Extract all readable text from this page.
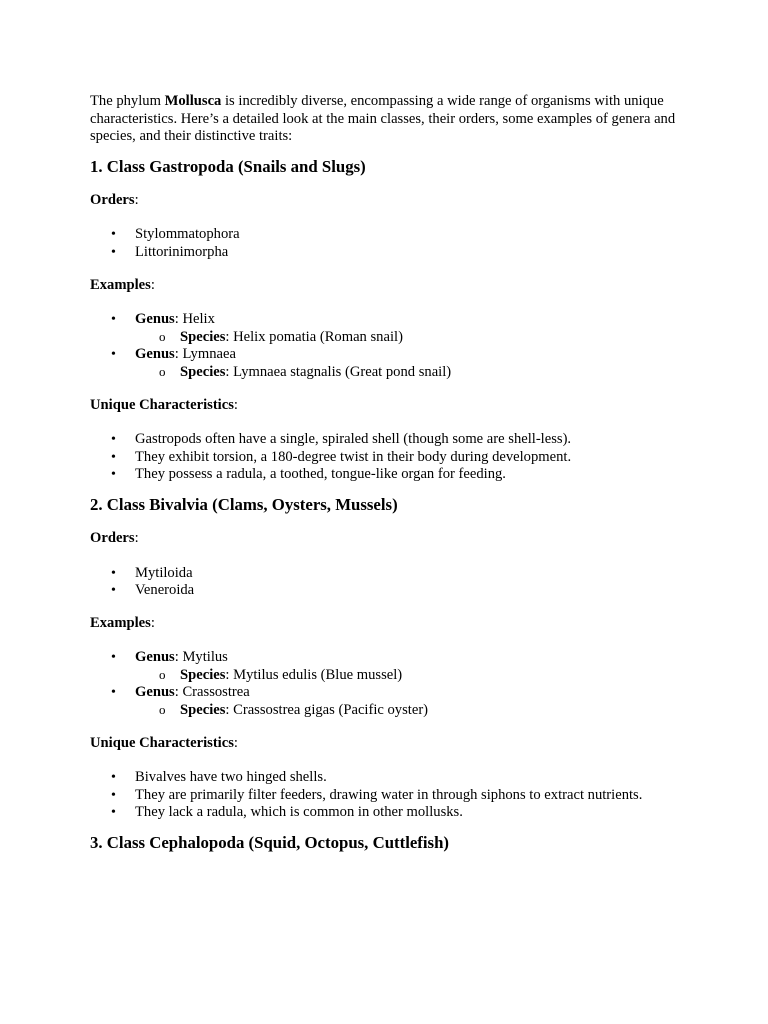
The phylum Mollusca is incredibly diverse, encompassing a wide range of organisms with unique characteristics. Here’s a detailed look at the main classes, their orders, some examples of genera and species, and their distinctive traits:

1. Class Gastropoda (Snails and Slugs)

Orders:

• Stylommatophora
• Littorinimorpha

Examples:

• Genus: Helix
o Species: Helix pomatia (Roman snail)
• Genus: Lymnaea
o Species: Lymnaea stagnalis (Great pond snail)

Unique Characteristics:

• Gastropods often have a single, spiraled shell (though some are shell-less).
• They exhibit torsion, a 180-degree twist in their body during development.
• They possess a radula, a toothed, tongue-like organ for feeding.
2. Class Bivalvia (Clams, Oysters, Mussels)

Orders:

• Mytiloida
• Veneroida

Examples:

• Genus: Mytilus
o Species: Mytilus edulis (Blue mussel)
• Genus: Crassostrea
o Species: Crassostrea gigas (Pacific oyster)

Unique Characteristics:

• Bivalves have two hinged shells.
• They are primarily filter feeders, drawing water in through siphons to extract nutrients.
• They lack a radula, which is common in other mollusks.
3. Class Cephalopoda (Squid, Octopus, Cuttlefish)
